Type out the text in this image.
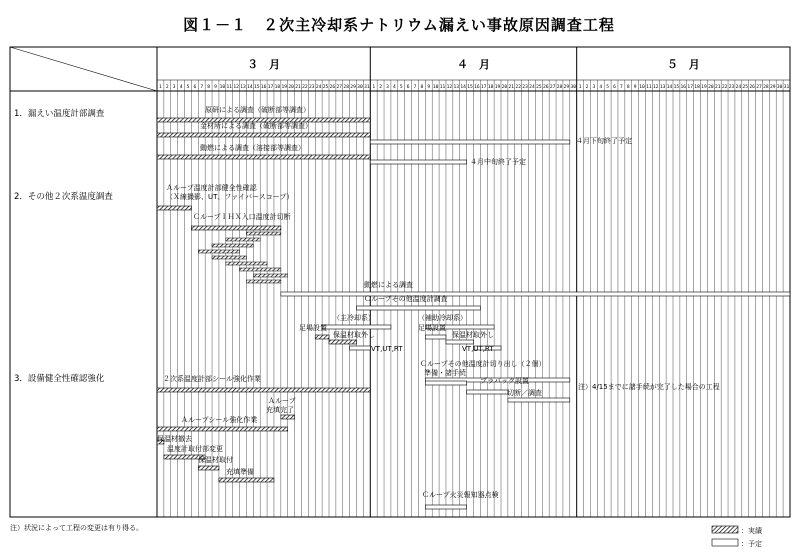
図１－１　２次主冷却系ナトリウム漏えい事故原因調査工程
３　月
1 2 3 4 5 6 7 8 9 10 11 12 13 14 15 16 17 18 19 20 21 22 23 24 25 26 27 28 29 30 31
４　月
1 2 3 4 5 6 7 8 9 10 11 12 13 14 15 16 17 18 19 20 21 22 23 24 25 26 27 28 29 30
５　月
1 2 3 4 5 6 7 8 9 10 11 12 13 14 15 16 17 18 19 20 21 22 23 24 25 26 27 28 29 30 31
1．漏えい温度計部調査
2．その他２次系温度調査
3．設備健全性確認強化
原研による調査（破断部等調査）
金材所による調査（破断部等調査）
動燃による調査（溶接部等調査）
Ａループ温度計部健全性確認
（Ｘ線撮影、UT、ファイバースコープ）
ＣループＩＨＸ入口温度計切断
動燃による調査
Ｃループその他温度計調査
（主冷却系）
足場設置
保温材取外し
VT,UT,RT
（補助冷却系）
足場設置
保温材取外し
VT,UT,RT
Ｃループその他温度計切り出し（２個）
準備・諸手続
プラバック設置
切断／調査
２次系温度計部シール強化作業
Ａループ
充填完了
Ａループシール強化作業
保温材撤去
温度計取付部変更
保温材取付
充填準備
Ｃループ火災報知器点検
４月下旬終了予定
４月中旬終了予定
注）4/15までに諸手続が完了した場合の工程
注）状況によって工程の変更は有り得る。	：実績
：予定
